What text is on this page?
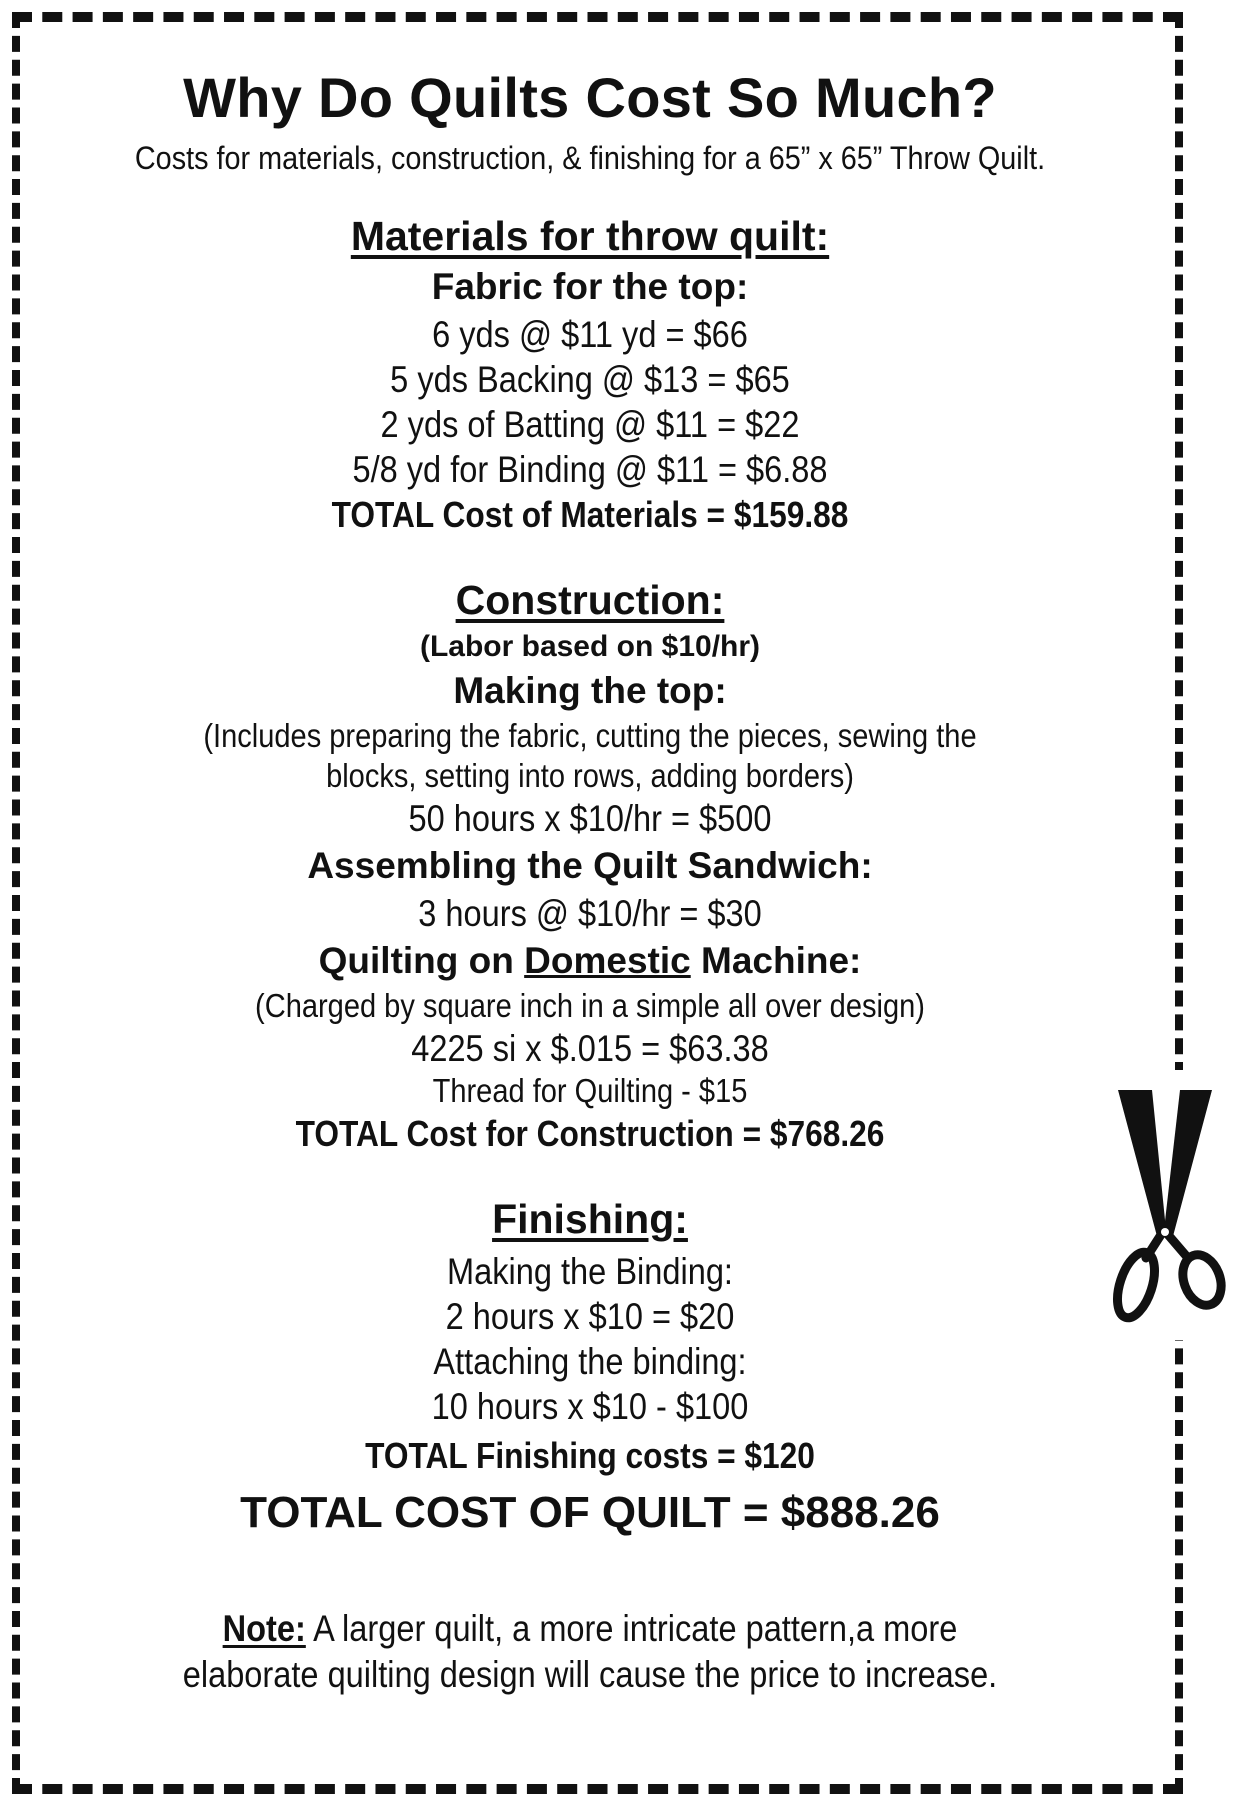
Why Do Quilts Cost So Much?
Costs for materials, construction, & finishing for a 65” x 65” Throw Quilt.
Materials for throw quilt:
Fabric for the top:
6 yds @ $11 yd = $66
5 yds Backing @ $13 = $65
2 yds of Batting @ $11 = $22
5/8 yd for Binding @ $11 = $6.88
TOTAL Cost of Materials = $159.88
Construction:
(Labor based on $10/hr)
Making the top:
(Includes preparing the fabric, cutting the pieces, sewing the
blocks, setting into rows, adding borders)
50 hours x $10/hr = $500
Assembling the Quilt Sandwich:
3 hours @ $10/hr = $30
Quilting on Domestic Machine:
(Charged by square inch in a simple all over design)
4225 si x $.015 = $63.38
Thread for Quilting - $15
TOTAL Cost for Construction = $768.26
Finishing:
Making the Binding:
2 hours x $10 = $20
Attaching the binding:
10 hours x $10 - $100
TOTAL Finishing costs = $120
TOTAL COST OF QUILT = $888.26
Note: A larger quilt, a more intricate pattern,a more
elaborate quilting design will cause the price to increase.
